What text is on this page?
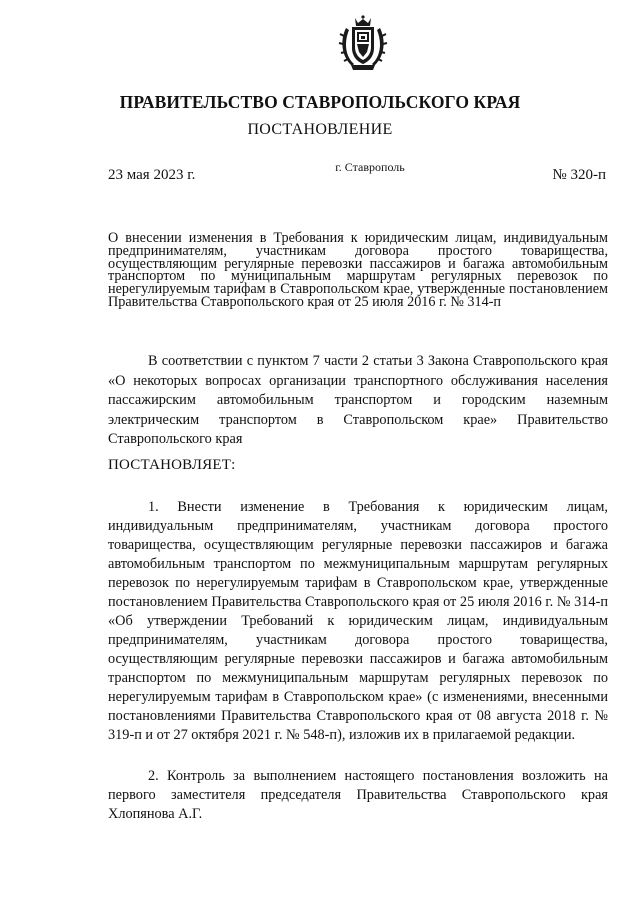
ПРАВИТЕЛЬСТВО СТАВРОПОЛЬСКОГО КРАЯ
ПОСТАНОВЛЕНИЕ
23 мая 2023 г.	г. Ставрополь	№ 320-п

О внесении изменения в Требования к юридическим лицам, индивидуальным предпринимателям, участникам договора простого товарищества, осуществляющим регулярные перевозки пассажиров и багажа автомобильным транспортом по муниципальным маршрутам регулярных перевозок по нерегулируемым тарифам в Ставропольском крае, утвержденные постановлением Правительства Ставропольского края от 25 июля 2016 г. № 314-п

В соответствии с пунктом 7 части 2 статьи 3 Закона Ставропольского края «О некоторых вопросах организации транспортного обслуживания населения пассажирским автомобильным транспортом и городским наземным электрическим транспортом в Ставропольском крае» Правительство Ставропольского края

ПОСТАНОВЛЯЕТ:

1. Внести изменение в Требования к юридическим лицам, индивидуальным предпринимателям, участникам договора простого товарищества, осуществляющим регулярные перевозки пассажиров и багажа автомобильным транспортом по межмуниципальным маршрутам регулярных перевозок по нерегулируемым тарифам в Ставропольском крае, утвержденные постановлением Правительства Ставропольского края от 25 июля 2016 г. № 314-п «Об утверждении Требований к юридическим лицам, индивидуальным предпринимателям, участникам договора простого товарищества, осуществляющим регулярные перевозки пассажиров и багажа автомобильным транспортом по межмуниципальным маршрутам регулярных перевозок по нерегулируемым тарифам в Ставропольском крае» (с изменениями, внесенными постановлениями Правительства Ставропольского края от 08 августа 2018 г. № 319-п и от 27 октября 2021 г. № 548-п), изложив их в прилагаемой редакции.

2. Контроль за выполнением настоящего постановления возложить на первого заместителя председателя Правительства Ставропольского края Хлопянова А.Г.
